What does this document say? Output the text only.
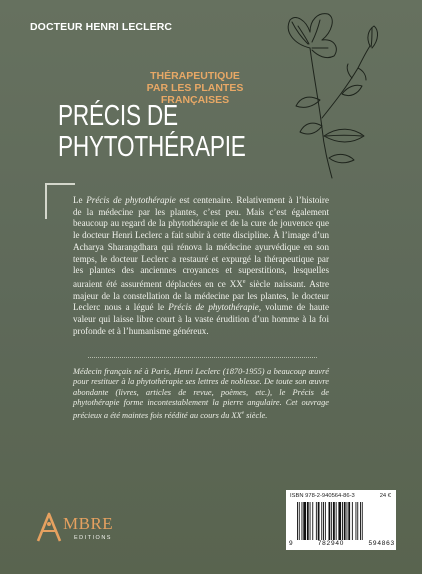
DOCTEUR HENRI LECLERC
THÉRAPEUTIQUE
PAR LES PLANTES
FRANÇAISES
PRÉCIS DE
PHYTOTHÉRAPIE

Le Précis de phytothérapie est centenaire. Relativement à l’histoire de la médecine par les plantes, c’est peu. Mais c’est également beaucoup au regard de la phytothérapie et de la cure de jouvence que le docteur Henri Leclerc a fait subir à cette discipline. À l’image d’un Acharya Sharangdhara qui rénova la médecine ayurvédique en son temps, le docteur Leclerc a restauré et expurgé la thérapeutique par les plantes des anciennes croyances et superstitions, lesquelles auraient été assurément déplacées en ce XXe siècle naissant. Astre majeur de la constellation de la médecine par les plantes, le docteur Leclerc nous a légué le Précis de phytothérapie, volume de haute valeur qui laisse libre court à la vaste érudition d’un homme à la foi profonde et à l’humanisme généreux.

Médecin français né à Paris, Henri Leclerc (1870-1955) a beaucoup œuvré pour restituer à la phytothérapie ses lettres de noblesse. De toute son œuvre abondante (livres, articles de revue, poèmes, etc.), le Précis de phytothérapie forme incontestablement la pierre angulaire. Cet ouvrage précieux a été maintes fois réédité au cours du XXe siècle.

MBRE
EDITIONS
ISBN 978-2-940564-86-3	24 €
9	782940	594863
